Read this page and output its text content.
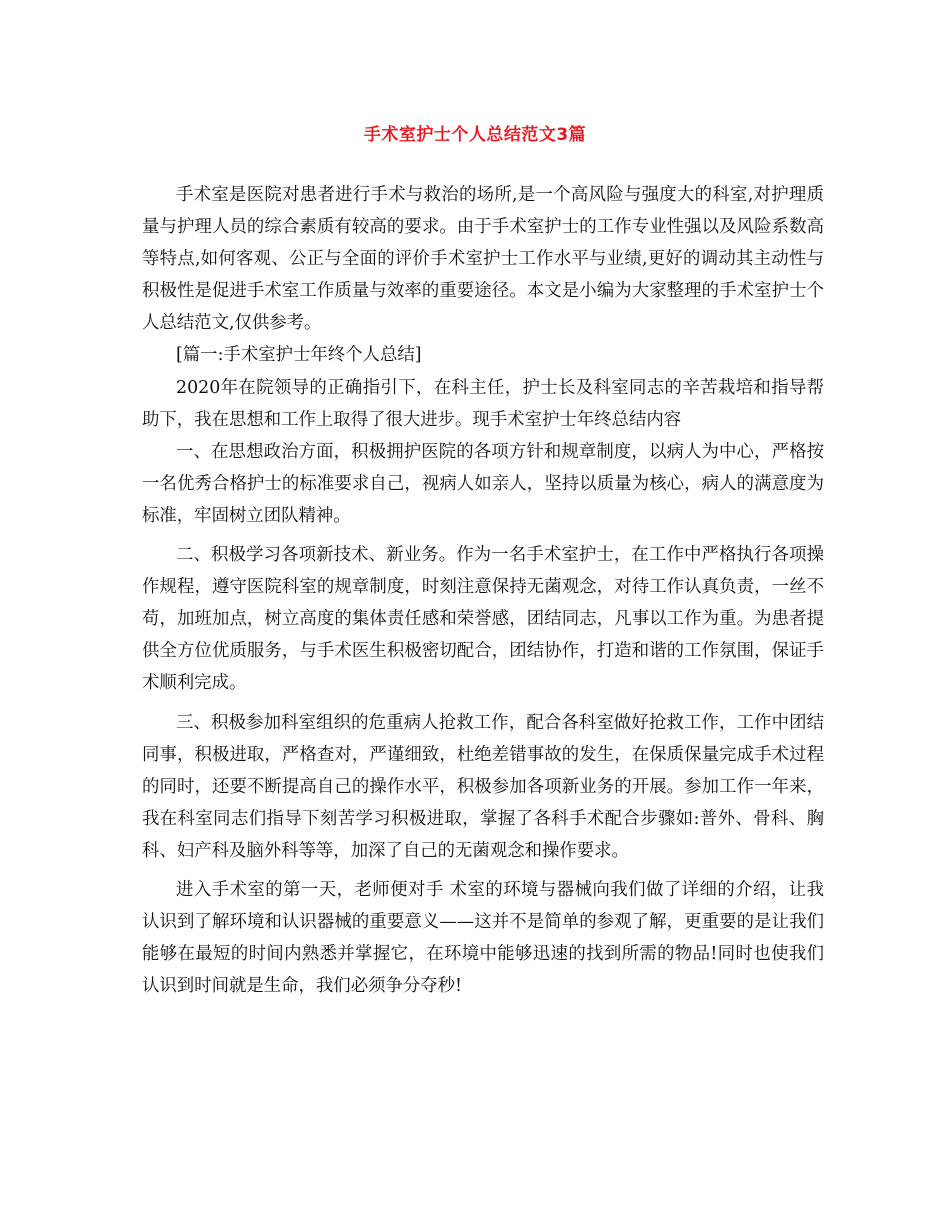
手术室护士个人总结范文3篇

手术室是医院对患者进行手术与救治的场所,是一个高风险与强度大的科室,对护理质量与护理人员的综合素质有较高的要求。由于手术室护士的工作专业性强以及风险系数高等特点,如何客观、公正与全面的评价手术室护士工作水平与业绩,更好的调动其主动性与积极性是促进手术室工作质量与效率的重要途径。本文是小编为大家整理的手术室护士个人总结范文,仅供参考。

[篇一:手术室护士年终个人总结]

2020年在院领导的正确指引下，在科主任，护士长及科室同志的辛苦栽培和指导帮助下，我在思想和工作上取得了很大进步。现手术室护士年终总结内容

一、在思想政治方面，积极拥护医院的各项方针和规章制度，以病人为中心，严格按一名优秀合格护士的标准要求自己，视病人如亲人，坚持以质量为核心，病人的满意度为标准，牢固树立团队精神。

二、积极学习各项新技术、新业务。作为一名手术室护士，在工作中严格执行各项操作规程，遵守医院科室的规章制度，时刻注意保持无菌观念，对待工作认真负责，一丝不苟，加班加点，树立高度的集体责任感和荣誉感，团结同志，凡事以工作为重。为患者提供全方位优质服务，与手术医生积极密切配合，团结协作，打造和谐的工作氛围，保证手术顺利完成。

三、积极参加科室组织的危重病人抢救工作，配合各科室做好抢救工作，工作中团结同事，积极进取，严格查对，严谨细致，杜绝差错事故的发生，在保质保量完成手术过程的同时，还要不断提高自己的操作水平，积极参加各项新业务的开展。参加工作一年来，我在科室同志们指导下刻苦学习积极进取，掌握了各科手术配合步骤如:普外、骨科、胸科、妇产科及脑外科等等，加深了自己的无菌观念和操作要求。

进入手术室的第一天，老师便对手 术室的环境与器械向我们做了详细的介绍，让我认识到了解环境和认识器械的重要意义——这并不是简单的参观了解，更重要的是让我们能够在最短的时间内熟悉并掌握它，在环境中能够迅速的找到所需的物品!同时也使我们认识到时间就是生命，我们必须争分夺秒!
